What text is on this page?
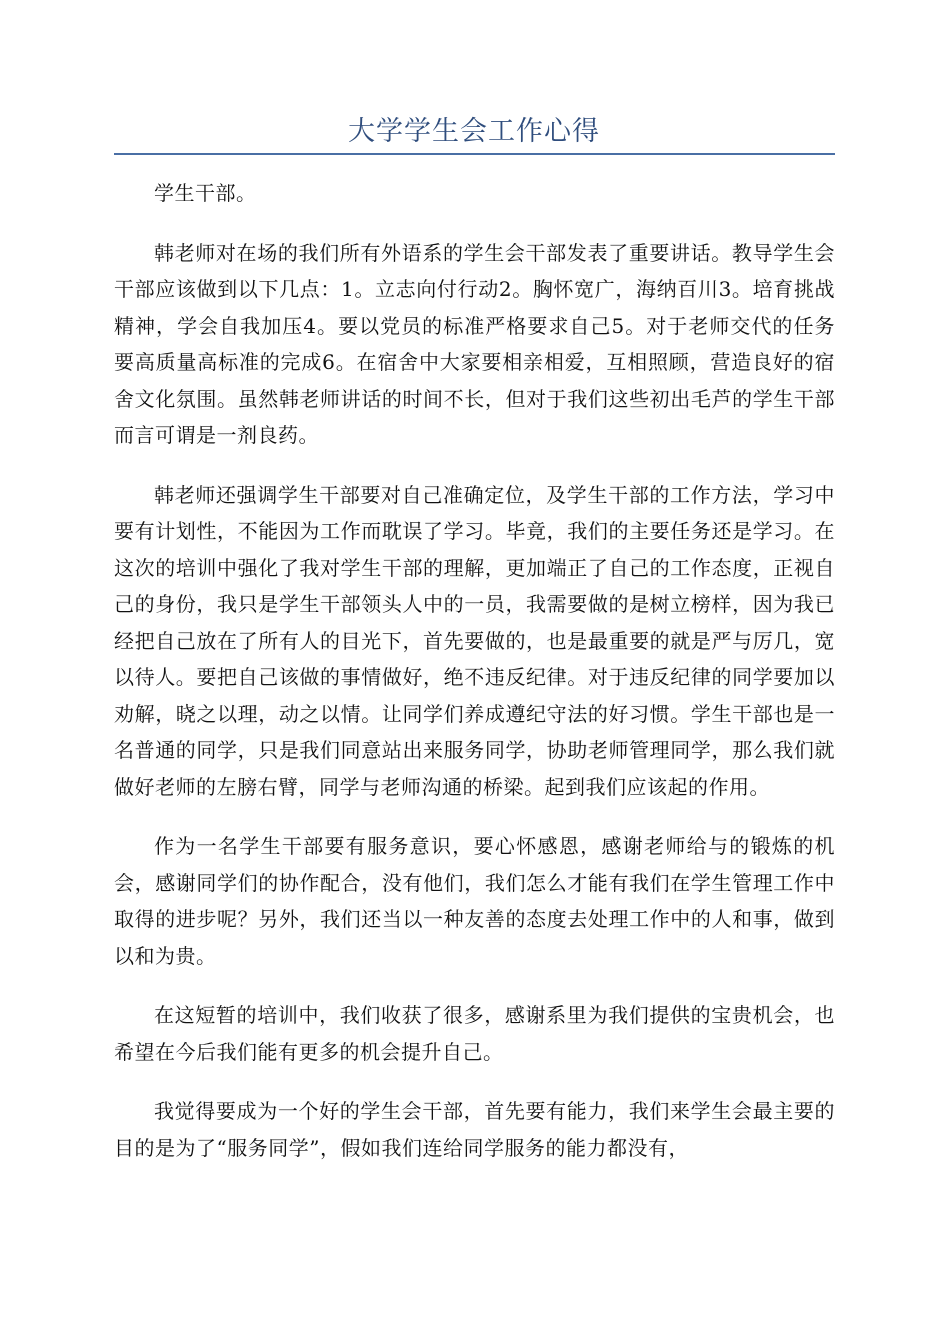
大学学生会工作心得

学生干部。

韩老师对在场的我们所有外语系的学生会干部发表了重要讲话。教导学生会干部应该做到以下几点：1。立志向付行动2。胸怀宽广，海纳百川3。培育挑战精神，学会自我加压4。要以党员的标准严格要求自己5。对于老师交代的任务要高质量高标准的完成6。在宿舍中大家要相亲相爱，互相照顾，营造良好的宿舍文化氛围。虽然韩老师讲话的时间不长，但对于我们这些初出毛芦的学生干部而言可谓是一剂良药。

韩老师还强调学生干部要对自己准确定位，及学生干部的工作方法，学习中要有计划性，不能因为工作而耽误了学习。毕竟，我们的主要任务还是学习。在这次的培训中强化了我对学生干部的理解，更加端正了自己的工作态度，正视自己的身份，我只是学生干部领头人中的一员，我需要做的是树立榜样，因为我已经把自己放在了所有人的目光下，首先要做的，也是最重要的就是严与厉几，宽以待人。要把自己该做的事情做好，绝不违反纪律。对于违反纪律的同学要加以劝解，晓之以理，动之以情。让同学们养成遵纪守法的好习惯。学生干部也是一名普通的同学，只是我们同意站出来服务同学，协助老师管理同学，那么我们就做好老师的左膀右臂，同学与老师沟通的桥梁。起到我们应该起的作用。

作为一名学生干部要有服务意识，要心怀感恩，感谢老师给与的锻炼的机会，感谢同学们的协作配合，没有他们，我们怎么才能有我们在学生管理工作中取得的进步呢？另外，我们还当以一种友善的态度去处理工作中的人和事，做到以和为贵。

在这短暂的培训中，我们收获了很多，感谢系里为我们提供的宝贵机会，也希望在今后我们能有更多的机会提升自己。

我觉得要成为一个好的学生会干部，首先要有能力，我们来学生会最主要的目的是为了“服务同学”，假如我们连给同学服务的能力都没有，
